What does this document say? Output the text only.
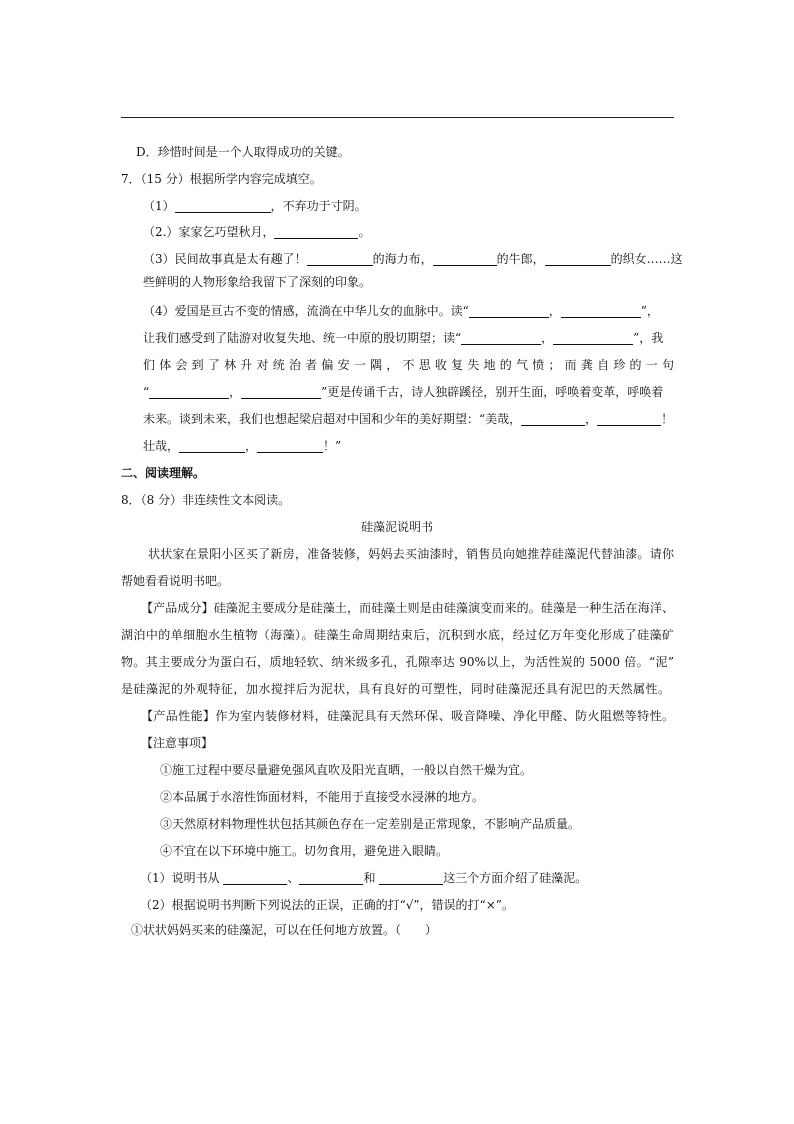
D．珍惜时间是一个人取得成功的关键。
7．（15 分）根据所学内容完成填空。
（1）	，不弃功于寸阴。
（2.）家家乞巧望秋月，	。
（3）民间故事真是太有趣了！	的海力布，	的牛郎，	的织女……这
些鲜明的人物形象给我留下了深刻的印象。
（4）爱国是亘古不变的情感，流淌在中华儿女的血脉中。读“	，	”，
让我们感受到了陆游对收复失地、统一中原的殷切期望；读“	，	”，我
们体会到了林升对统治者偏安一隅，不思收复失地的气愤；而龚自珍的一句
“	，	”更是传诵千古，诗人独辟蹊径，别开生面，呼唤着变革，呼唤着
未来。谈到未来，我们也想起梁启超对中国和少年的美好期望：“美哉，	，	！
壮哉，	，	！”
二、阅读理解。
8．（8 分）非连续性文本阅读。
硅藻泥说明书
状状家在景阳小区买了新房，准备装修，妈妈去买油漆时，销售员向她推荐硅藻泥代替油漆。请你
帮她看看说明书吧。
【产品成分】硅藻泥主要成分是硅藻土，而硅藻土则是由硅藻演变而来的。硅藻是一种生活在海洋、
湖泊中的单细胞水生植物（海藻）。硅藻生命周期结束后，沉积到水底，经过亿万年变化形成了硅藻矿
物。其主要成分为蛋白石，质地轻软、纳米级多孔，孔隙率达 90%以上，为活性炭的 5000 倍。“泥”
是硅藻泥的外观特征，加水搅拌后为泥状，具有良好的可塑性，同时硅藻泥还具有泥巴的天然属性。
【产品性能】作为室内装修材料，硅藻泥具有天然环保、吸音降噪、净化甲醛、防火阻燃等特性。
【注意事项】
①施工过程中要尽量避免强风直吹及阳光直晒，一般以自然干燥为宜。
②本品属于水溶性饰面材料，不能用于直接受水浸淋的地方。
③天然原材料物理性状包括其颜色存在一定差别是正常现象，不影响产品质量。
④不宜在以下环境中施工。切勿食用，避免进入眼睛。
（1）说明书从	、	和	这三个方面介绍了硅藻泥。
（2）根据说明书判断下列说法的正误，正确的打“√”，错误的打“×”。
①状状妈妈买来的硅藻泥，可以在任何地方放置。（　　）
